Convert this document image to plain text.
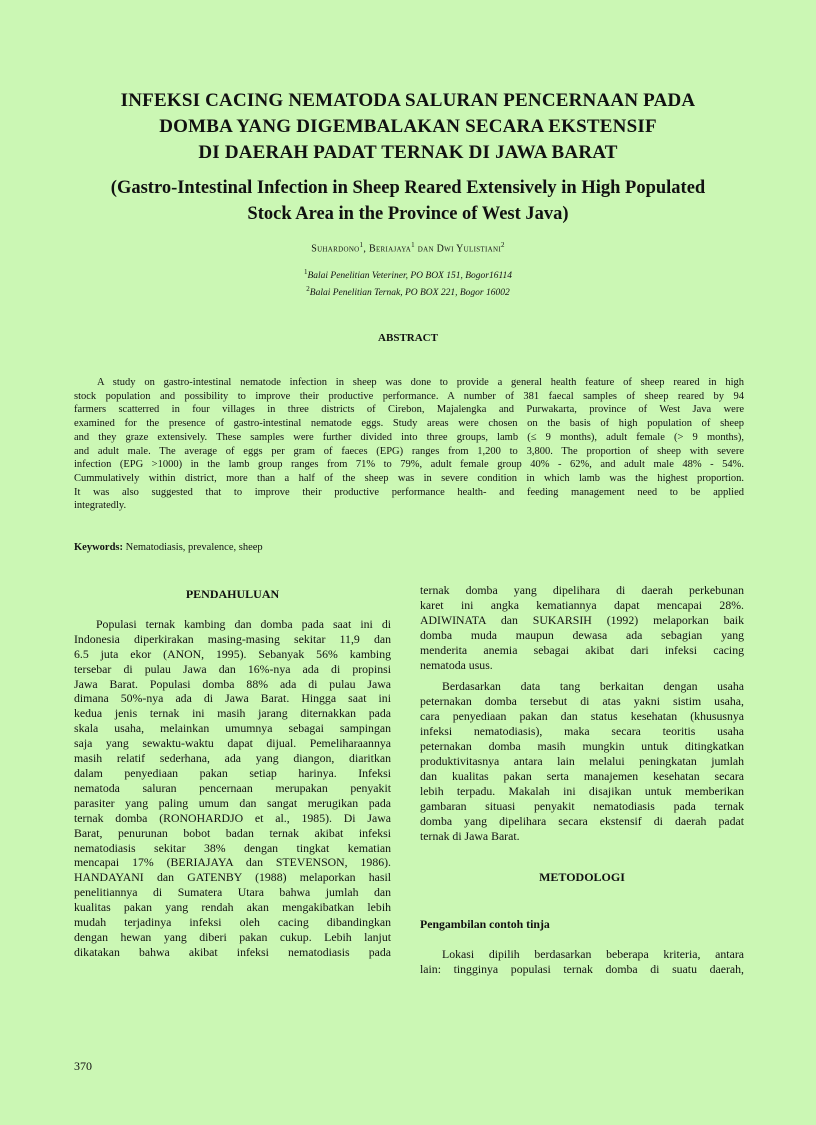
INFEKSI CACING NEMATODA SALURAN PENCERNAAN PADA
DOMBA YANG DIGEMBALAKAN SECARA EKSTENSIF
DI DAERAH PADAT TERNAK DI JAWA BARAT
(Gastro-Intestinal Infection in Sheep Reared Extensively in High Populated
Stock Area in the Province of West Java)
Suhardono$^1$, Beriajaya$^1$ dan Dwi Yulistiani$^2$
$^1$Balai Penelitian Veteriner, PO BOX 151, Bogor16114
$^2$Balai Penelitian Ternak, PO BOX 221, Bogor 16002
ABSTRACT
A study on gastro-intestinal nematode infection in sheep was done to provide a general health feature of sheep reared in high
stock population and possibility to improve their productive performance. A number of 381 faecal samples of sheep reared by 94
farmers scatterred in four villages in three districts of Cirebon, Majalengka and Purwakarta, province of West Java were
examined for the presence of gastro-intestinal nematode eggs. Study areas were chosen on the basis of high population of sheep
and they graze extensively. These samples were further divided into three groups, lamb (≤ 9 months), adult female (> 9 months),
and adult male. The average of eggs per gram of faeces (EPG) ranges from 1,200 to 3,800. The proportion of sheep with severe
infection (EPG >1000) in the lamb group ranges from 71% to 79%, adult female group 40% - 62%, and adult male 48% - 54%.
Cummulatively within district, more than a half of the sheep was in severe condition in which lamb was the highest proportion.
It was also suggested that to improve their productive performance health- and feeding management need to be applied
integratedly.
Keywords: Nematodiasis, prevalence, sheep
PENDAHULUAN
Populasi ternak kambing dan domba pada saat ini di
Indonesia diperkirakan masing-masing sekitar 11,9 dan
6.5 juta ekor (ANON, 1995). Sebanyak 56% kambing
tersebar di pulau Jawa dan 16%-nya ada di propinsi
Jawa Barat. Populasi domba 88% ada di pulau Jawa
dimana 50%-nya ada di Jawa Barat. Hingga saat ini
kedua jenis ternak ini masih jarang diternakkan pada
skala usaha, melainkan umumnya sebagai sampingan
saja yang sewaktu-waktu dapat dijual. Pemeliharaannya
masih relatif sederhana, ada yang diangon, diaritkan
dalam penyediaan pakan setiap harinya. Infeksi
nematoda saluran pencernaan merupakan penyakit
parasiter yang paling umum dan sangat merugikan pada
ternak domba (RONOHARDJO et al., 1985). Di Jawa
Barat, penurunan bobot badan ternak akibat infeksi
nematodiasis sekitar 38% dengan tingkat kematian
mencapai 17% (BERIAJAYA dan STEVENSON, 1986).
HANDAYANI dan GATENBY (1988) melaporkan hasil
penelitiannya di Sumatera Utara bahwa jumlah dan
kualitas pakan yang rendah akan mengakibatkan lebih
mudah terjadinya infeksi oleh cacing dibandingkan
dengan hewan yang diberi pakan cukup. Lebih lanjut
dikatakan bahwa akibat infeksi nematodiasis pada
ternak domba yang dipelihara di daerah perkebunan
karet ini angka kematiannya dapat mencapai 28%.
ADIWINATA dan SUKARSIH (1992) melaporkan baik
domba muda maupun dewasa ada sebagian yang
menderita anemia sebagai akibat dari infeksi cacing
nematoda usus.
Berdasarkan data tang berkaitan dengan usaha
peternakan domba tersebut di atas yakni sistim usaha,
cara penyediaan pakan dan status kesehatan (khususnya
infeksi nematodiasis), maka secara teoritis usaha
peternakan domba masih mungkin untuk ditingkatkan
produktivitasnya antara lain melalui peningkatan jumlah
dan kualitas pakan serta manajemen kesehatan secara
lebih terpadu. Makalah ini disajikan untuk memberikan
gambaran situasi penyakit nematodiasis pada ternak
domba yang dipelihara secara ekstensif di daerah padat
ternak di Jawa Barat.
METODOLOGI
Pengambilan contoh tinja
Lokasi dipilih berdasarkan beberapa kriteria, antara
lain: tingginya populasi ternak domba di suatu daerah,
370
